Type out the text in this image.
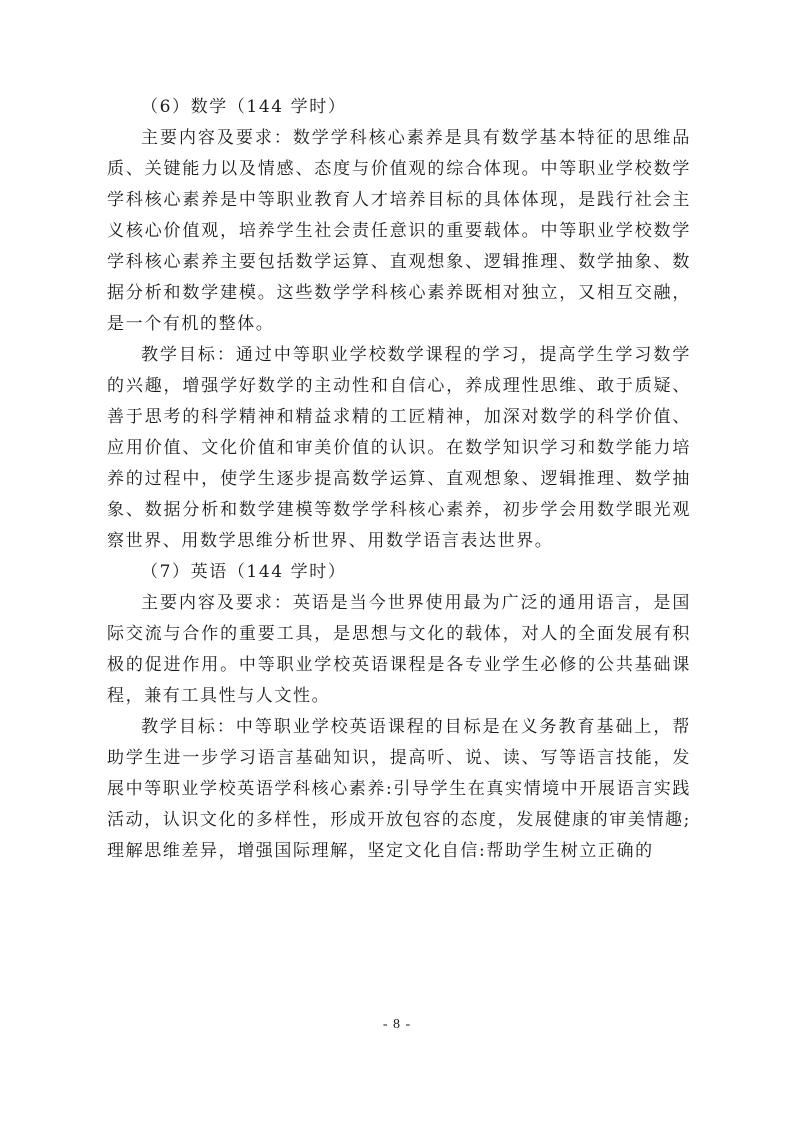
（6）数学（144 学时）

主要内容及要求：数学学科核心素养是具有数学基本特征的思维品质、关键能力以及情感、态度与价值观的综合体现。中等职业学校数学学科核心素养是中等职业教育人才培养目标的具体体现，是践行社会主义核心价值观，培养学生社会责任意识的重要载体。中等职业学校数学学科核心素养主要包括数学运算、直观想象、逻辑推理、数学抽象、数据分析和数学建模。这些数学学科核心素养既相对独立，又相互交融，是一个有机的整体。

教学目标：通过中等职业学校数学课程的学习，提高学生学习数学的兴趣，增强学好数学的主动性和自信心，养成理性思维、敢于质疑、善于思考的科学精神和精益求精的工匠精神，加深对数学的科学价值、应用价值、文化价值和审美价值的认识。在数学知识学习和数学能力培养的过程中，使学生逐步提高数学运算、直观想象、逻辑推理、数学抽象、数据分析和数学建模等数学学科核心素养，初步学会用数学眼光观察世界、用数学思维分析世界、用数学语言表达世界。

（7）英语（144 学时）

主要内容及要求：英语是当今世界使用最为广泛的通用语言，是国际交流与合作的重要工具，是思想与文化的载体，对人的全面发展有积极的促进作用。中等职业学校英语课程是各专业学生必修的公共基础课程，兼有工具性与人文性。

教学目标：中等职业学校英语课程的目标是在义务教育基础上，帮助学生进一步学习语言基础知识，提高听、说、读、写等语言技能，发展中等职业学校英语学科核心素养:引导学生在真实情境中开展语言实践活动，认识文化的多样性，形成开放包容的态度，发展健康的审美情趣;理解思维差异，增强国际理解，坚定文化自信:帮助学生树立正确的

- 8 -
